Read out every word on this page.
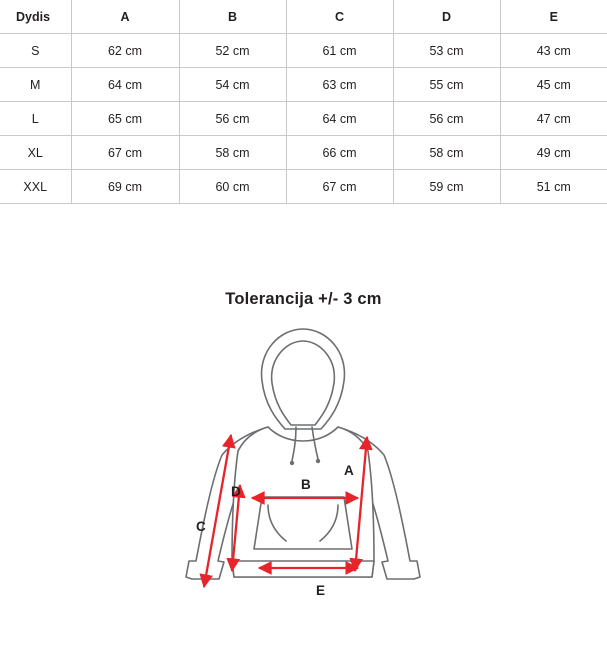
Dydis	A	B	C	D	E
S	62 cm	52 cm	61 cm	53 cm	43 cm
M	64 cm	54 cm	63 cm	55 cm	45 cm
L	65 cm	56 cm	64 cm	56 cm	47 cm
XL	67 cm	58 cm	66 cm	58 cm	49 cm
XXL	69 cm	60 cm	67 cm	59 cm	51 cm
Tolerancija +/- 3 cm
A
B
C
D
E
